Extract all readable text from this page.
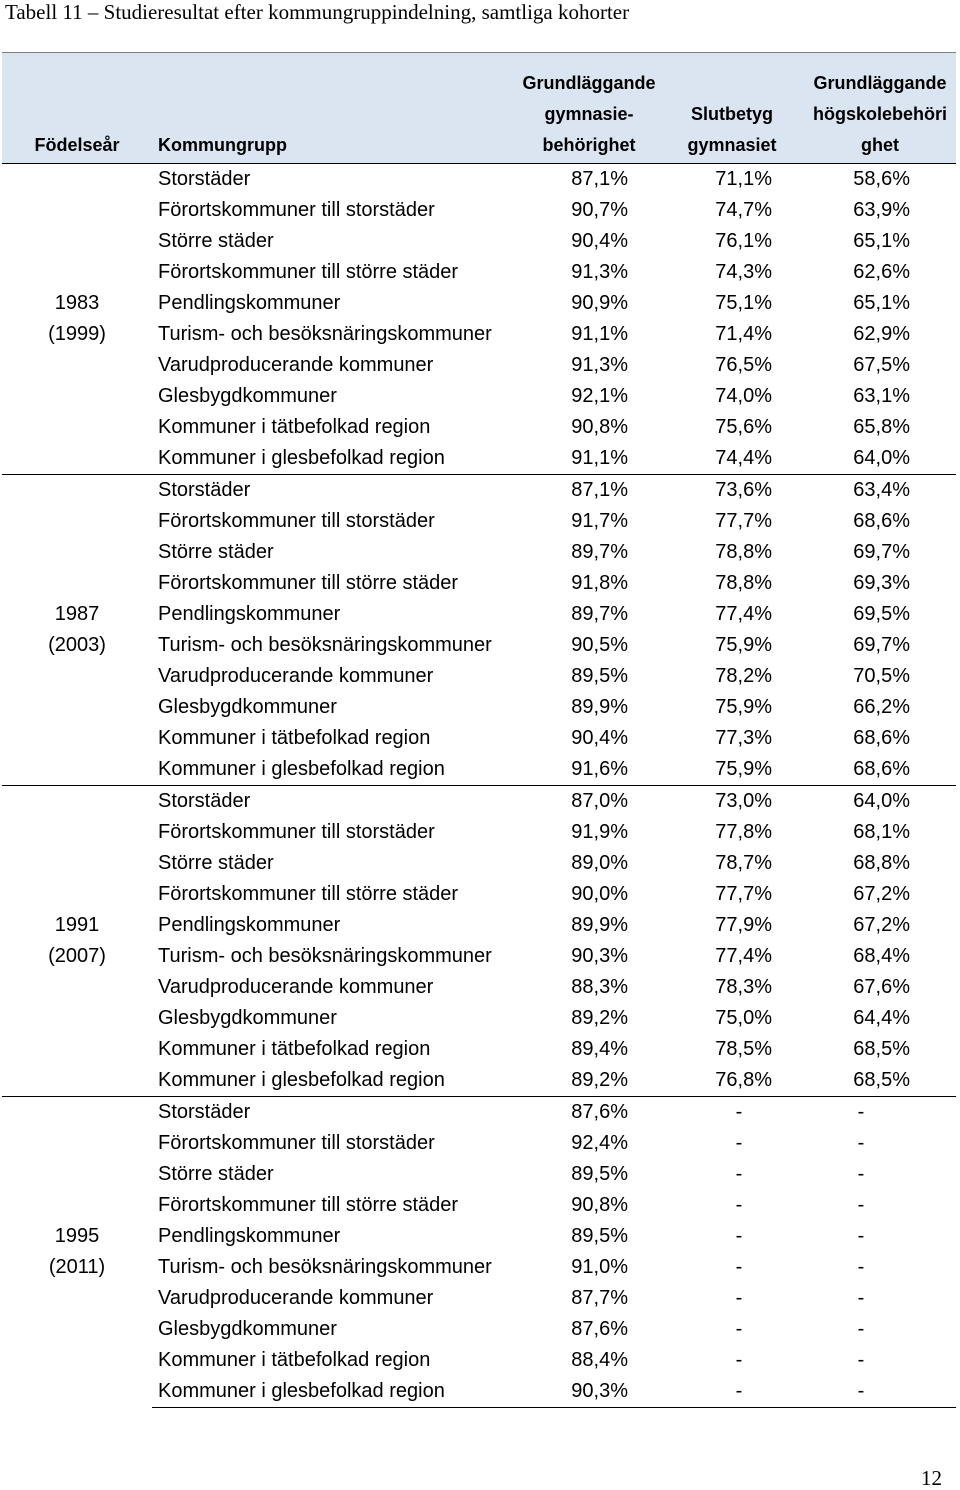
Tabell 11 – Studieresultat efter kommungruppindelning, samtliga kohorter
Födelseår	Kommungrupp	Grundläggande
gymnasie-
behörighet	Slutbetyg
gymnasiet	Grundläggande
högskolebehöri
ghet

1983
(1999)	Storstäder	87,1%	71,1%	58,6%
	Förortskommuner till storstäder	90,7%	74,7%	63,9%
	Större städer	90,4%	76,1%	65,1%
	Förortskommuner till större städer	91,3%	74,3%	62,6%
	Pendlingskommuner	90,9%	75,1%	65,1%
	Turism- och besöksnäringskommuner	91,1%	71,4%	62,9%
	Varudproducerande kommuner	91,3%	76,5%	67,5%
	Glesbygdkommuner	92,1%	74,0%	63,1%
	Kommuner i tätbefolkad region	90,8%	75,6%	65,8%
	Kommuner i glesbefolkad region	91,1%	74,4%	64,0%

1987
(2003)	Storstäder	87,1%	73,6%	63,4%
	Förortskommuner till storstäder	91,7%	77,7%	68,6%
	Större städer	89,7%	78,8%	69,7%
	Förortskommuner till större städer	91,8%	78,8%	69,3%
	Pendlingskommuner	89,7%	77,4%	69,5%
	Turism- och besöksnäringskommuner	90,5%	75,9%	69,7%
	Varudproducerande kommuner	89,5%	78,2%	70,5%
	Glesbygdkommuner	89,9%	75,9%	66,2%
	Kommuner i tätbefolkad region	90,4%	77,3%	68,6%
	Kommuner i glesbefolkad region	91,6%	75,9%	68,6%

1991
(2007)	Storstäder	87,0%	73,0%	64,0%
	Förortskommuner till storstäder	91,9%	77,8%	68,1%
	Större städer	89,0%	78,7%	68,8%
	Förortskommuner till större städer	90,0%	77,7%	67,2%
	Pendlingskommuner	89,9%	77,9%	67,2%
	Turism- och besöksnäringskommuner	90,3%	77,4%	68,4%
	Varudproducerande kommuner	88,3%	78,3%	67,6%
	Glesbygdkommuner	89,2%	75,0%	64,4%
	Kommuner i tätbefolkad region	89,4%	78,5%	68,5%
	Kommuner i glesbefolkad region	89,2%	76,8%	68,5%

1995
(2011)	Storstäder	87,6%	-	-
	Förortskommuner till storstäder	92,4%	-	-
	Större städer	89,5%	-	-
	Förortskommuner till större städer	90,8%	-	-
	Pendlingskommuner	89,5%	-	-
	Turism- och besöksnäringskommuner	91,0%	-	-
	Varudproducerande kommuner	87,7%	-	-
	Glesbygdkommuner	87,6%	-	-
	Kommuner i tätbefolkad region	88,4%	-	-
	Kommuner i glesbefolkad region	90,3%	-	-
12
